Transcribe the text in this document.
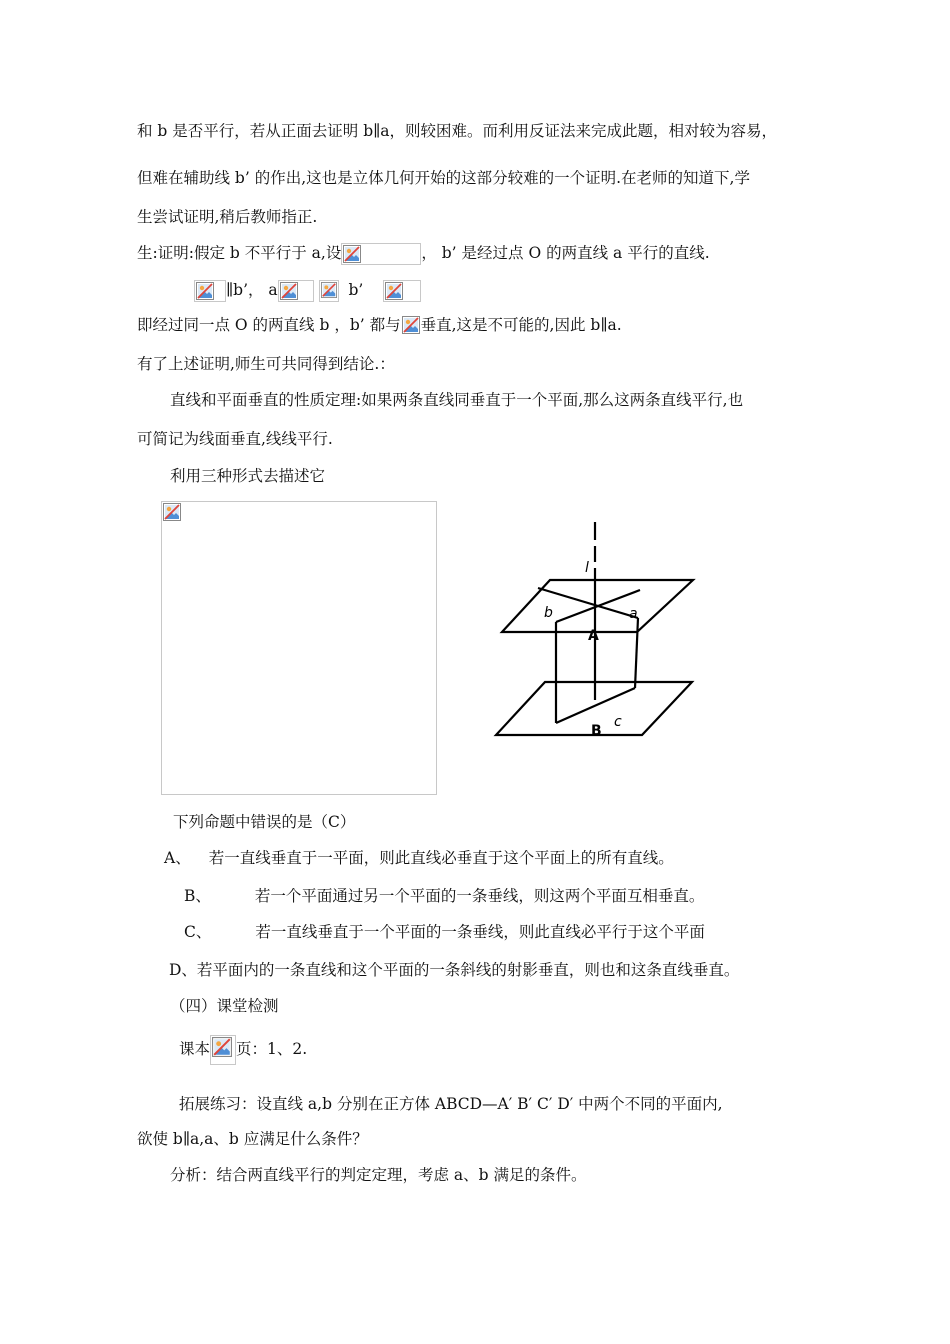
和 b 是否平行，若从正面去证明 b∥a，则较困难。而利用反证法来完成此题，相对较为容易，
但难在辅助线 b’ 的作出,这也是立体几何开始的这部分较难的一个证明.在老师的知道下,学
生尝试证明,稍后教师指正.
生:证明:假定 b 不平行于 a,设	， b’ 是经过点 O 的两直线 a 平行的直线.
∥b’， a
	b’
即经过同一点 O 的两直线 b ，b’ 都与 垂直,这是不可能的,因此 b∥a.
有了上述证明,师生可共同得到结论.：
直线和平面垂直的性质定理:如果两条直线同垂直于一个平面,那么这两条直线平行,也
可简记为线面垂直,线线平行.
利用三种形式去描述它
l
b	a
A
B
c
下列命题中错误的是（C）
A、 若一直线垂直于一平面，则此直线必垂直于这个平面上的所有直线。
B、	若一个平面通过另一个平面的一条垂线，则这两个平面互相垂直。
C、	若一直线垂直于一个平面的一条垂线，则此直线必平行于这个平面
D、若平面内的一条直线和这个平面的一条斜线的射影垂直，则也和这条直线垂直。
（四）课堂检测
课本 页：1、2.
拓展练习：设直线 a,b 分别在正方体 ABCD—A′ B′ C′ D′ 中两个不同的平面内,
欲使 b∥a,a、b 应满足什么条件？
分析：结合两直线平行的判定定理，考虑 a、b 满足的条件。
